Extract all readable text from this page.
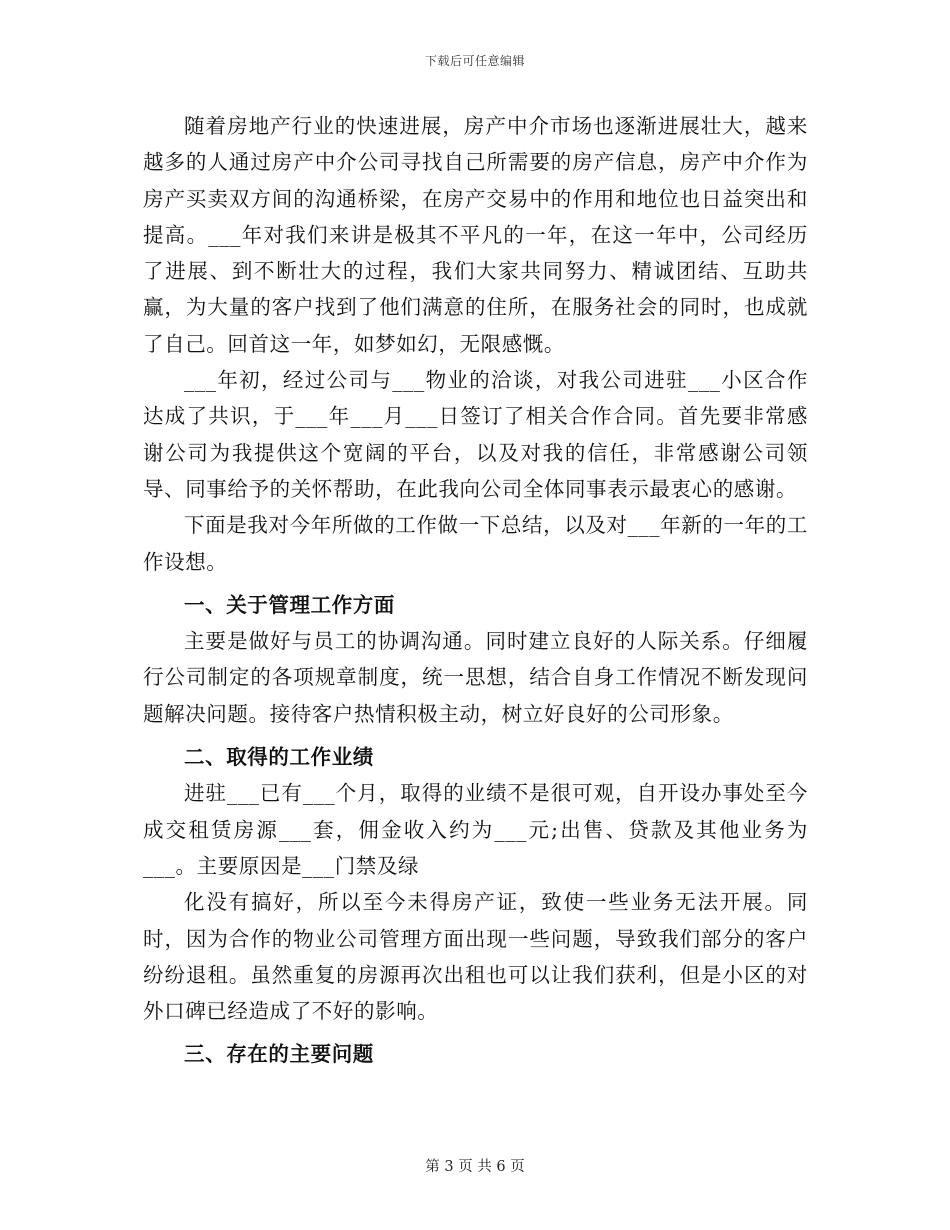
下载后可任意编辑

随着房地产行业的快速进展，房产中介市场也逐渐进展壮大，越来越多的人通过房产中介公司寻找自己所需要的房产信息，房产中介作为房产买卖双方间的沟通桥梁，在房产交易中的作用和地位也日益突出和提高。___年对我们来讲是极其不平凡的一年，在这一年中，公司经历了进展、到不断壮大的过程，我们大家共同努力、精诚团结、互助共赢，为大量的客户找到了他们满意的住所，在服务社会的同时，也成就了自己。回首这一年，如梦如幻，无限感慨。

___年初，经过公司与___物业的洽谈，对我公司进驻___小区合作达成了共识，于___年___月___日签订了相关合作合同。首先要非常感谢公司为我提供这个宽阔的平台，以及对我的信任，非常感谢公司领导、同事给予的关怀帮助，在此我向公司全体同事表示最衷心的感谢。

下面是我对今年所做的工作做一下总结，以及对___年新的一年的工作设想。

一、关于管理工作方面

主要是做好与员工的协调沟通。同时建立良好的人际关系。仔细履行公司制定的各项规章制度，统一思想，结合自身工作情况不断发现问题解决问题。接待客户热情积极主动，树立好良好的公司形象。

二、取得的工作业绩

进驻___已有___个月，取得的业绩不是很可观，自开设办事处至今成交租赁房源___套，佣金收入约为___元;出售、贷款及其他业务为___。主要原因是___门禁及绿

化没有搞好，所以至今未得房产证，致使一些业务无法开展。同时，因为合作的物业公司管理方面出现一些问题，导致我们部分的客户纷纷退租。虽然重复的房源再次出租也可以让我们获利，但是小区的对外口碑已经造成了不好的影响。

三、存在的主要问题

第 3 页 共 6 页
